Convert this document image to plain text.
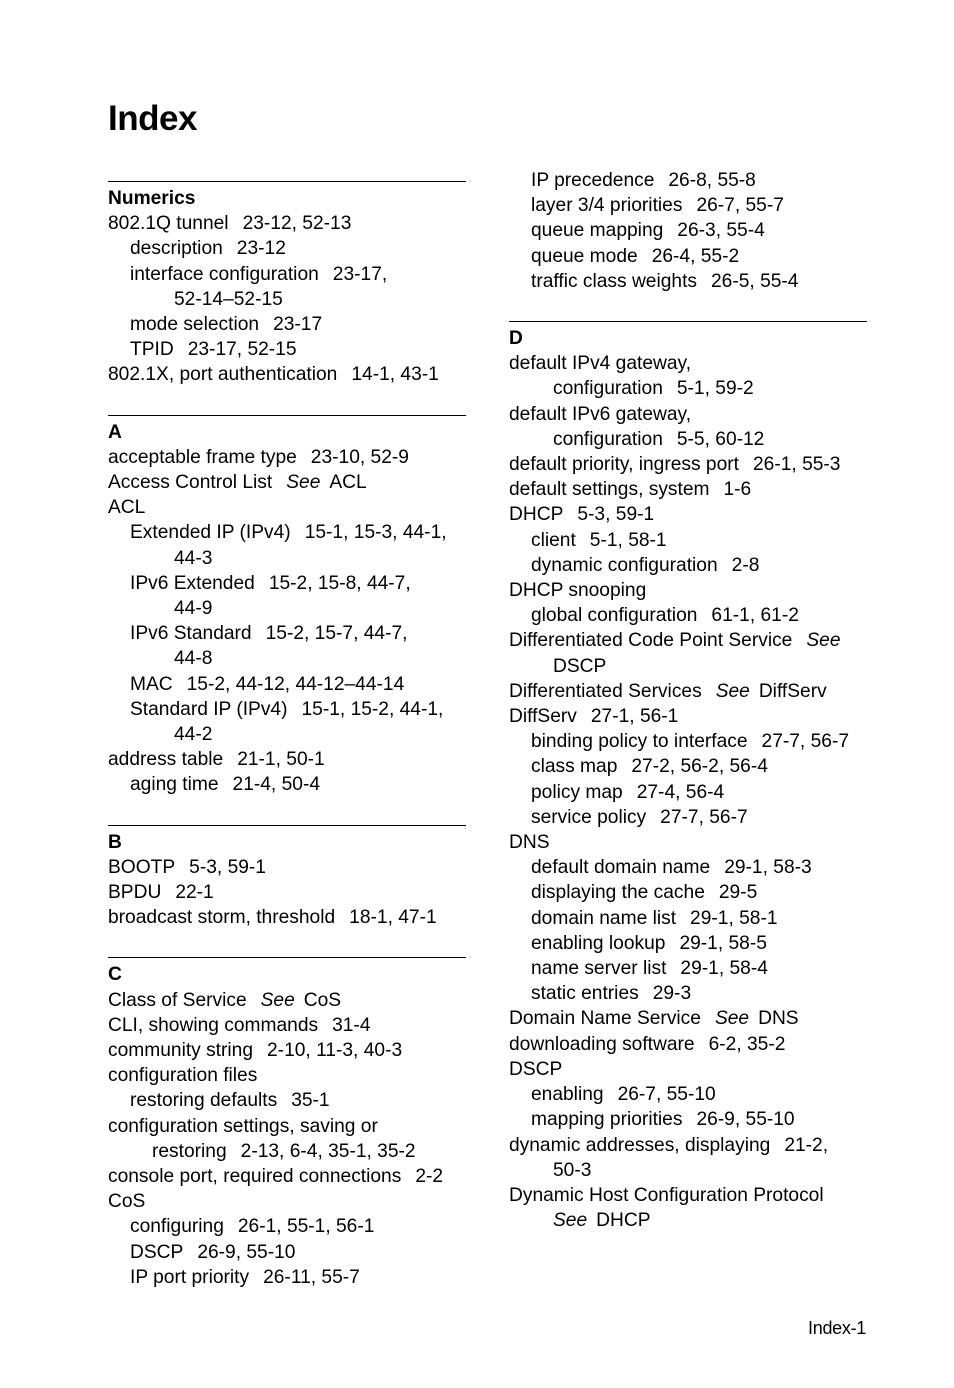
Index
Numerics
802.1Q tunnel 23-12, 52-13
description 23-12
interface configuration 23-17,
52-14–52-15
mode selection 23-17
TPID 23-17, 52-15
802.1X, port authentication 14-1, 43-1
A
acceptable frame type 23-10, 52-9
Access Control List See ACL
ACL
Extended IP (IPv4) 15-1, 15-3, 44-1,
44-3
IPv6 Extended 15-2, 15-8, 44-7,
44-9
IPv6 Standard 15-2, 15-7, 44-7,
44-8
MAC 15-2, 44-12, 44-12–44-14
Standard IP (IPv4) 15-1, 15-2, 44-1,
44-2
address table 21-1, 50-1
aging time 21-4, 50-4
B
BOOTP 5-3, 59-1
BPDU 22-1
broadcast storm, threshold 18-1, 47-1
C
Class of Service See CoS
CLI, showing commands 31-4
community string 2-10, 11-3, 40-3
configuration files
restoring defaults 35-1
configuration settings, saving or
restoring 2-13, 6-4, 35-1, 35-2
console port, required connections 2-2
CoS
configuring 26-1, 55-1, 56-1
DSCP 26-9, 55-10
IP port priority 26-11, 55-7
IP precedence 26-8, 55-8
layer 3/4 priorities 26-7, 55-7
queue mapping 26-3, 55-4
queue mode 26-4, 55-2
traffic class weights 26-5, 55-4
D
default IPv4 gateway,
configuration 5-1, 59-2
default IPv6 gateway,
configuration 5-5, 60-12
default priority, ingress port 26-1, 55-3
default settings, system 1-6
DHCP 5-3, 59-1
client 5-1, 58-1
dynamic configuration 2-8
DHCP snooping
global configuration 61-1, 61-2
Differentiated Code Point Service See
DSCP
Differentiated Services See DiffServ
DiffServ 27-1, 56-1
binding policy to interface 27-7, 56-7
class map 27-2, 56-2, 56-4
policy map 27-4, 56-4
service policy 27-7, 56-7
DNS
default domain name 29-1, 58-3
displaying the cache 29-5
domain name list 29-1, 58-1
enabling lookup 29-1, 58-5
name server list 29-1, 58-4
static entries 29-3
Domain Name Service See DNS
downloading software 6-2, 35-2
DSCP
enabling 26-7, 55-10
mapping priorities 26-9, 55-10
dynamic addresses, displaying 21-2,
50-3
Dynamic Host Configuration Protocol
See DHCP
Index-1
